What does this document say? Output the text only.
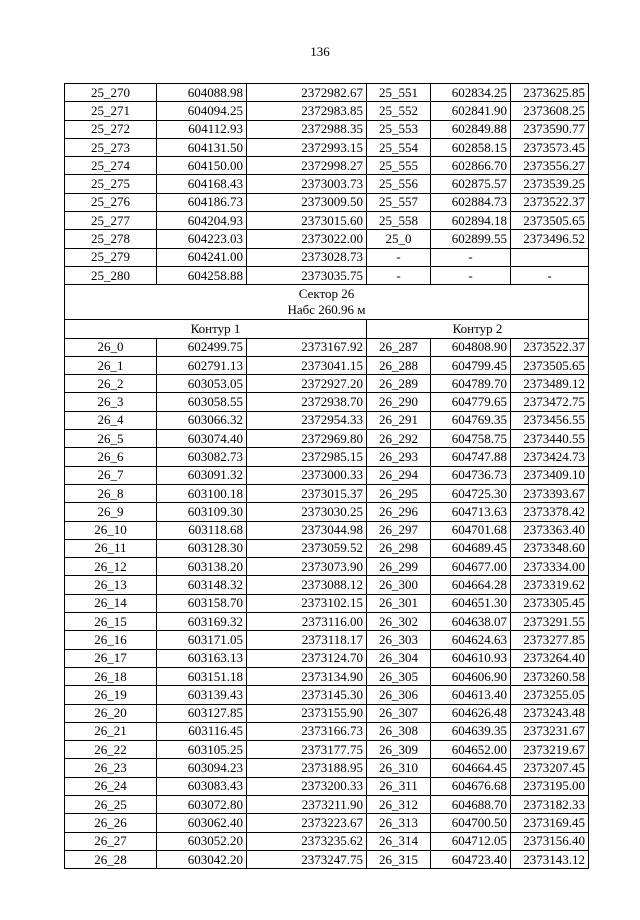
136
25_270	604088.98	2372982.67	25_551	602834.25	2373625.85
25_271	604094.25	2372983.85	25_552	602841.90	2373608.25
25_272	604112.93	2372988.35	25_553	602849.88	2373590.77
25_273	604131.50	2372993.15	25_554	602858.15	2373573.45
25_274	604150.00	2372998.27	25_555	602866.70	2373556.27
25_275	604168.43	2373003.73	25_556	602875.57	2373539.25
25_276	604186.73	2373009.50	25_557	602884.73	2373522.37
25_277	604204.93	2373015.60	25_558	602894.18	2373505.65
25_278	604223.03	2373022.00	25_0	602899.55	2373496.52
25_279	604241.00	2373028.73	-	-	
25_280	604258.88	2373035.75	-	-	-

Сектор 26
Набс 260.96 м					

Контур 1			Контур 2		
26_0	602499.75	2373167.92	26_287	604808.90	2373522.37
26_1	602791.13	2373041.15	26_288	604799.45	2373505.65
26_2	603053.05	2372927.20	26_289	604789.70	2373489.12
26_3	603058.55	2372938.70	26_290	604779.65	2373472.75
26_4	603066.32	2372954.33	26_291	604769.35	2373456.55
26_5	603074.40	2372969.80	26_292	604758.75	2373440.55
26_6	603082.73	2372985.15	26_293	604747.88	2373424.73
26_7	603091.32	2373000.33	26_294	604736.73	2373409.10
26_8	603100.18	2373015.37	26_295	604725.30	2373393.67
26_9	603109.30	2373030.25	26_296	604713.63	2373378.42
26_10	603118.68	2373044.98	26_297	604701.68	2373363.40
26_11	603128.30	2373059.52	26_298	604689.45	2373348.60
26_12	603138.20	2373073.90	26_299	604677.00	2373334.00
26_13	603148.32	2373088.12	26_300	604664.28	2373319.62
26_14	603158.70	2373102.15	26_301	604651.30	2373305.45
26_15	603169.32	2373116.00	26_302	604638.07	2373291.55
26_16	603171.05	2373118.17	26_303	604624.63	2373277.85
26_17	603163.13	2373124.70	26_304	604610.93	2373264.40
26_18	603151.18	2373134.90	26_305	604606.90	2373260.58
26_19	603139.43	2373145.30	26_306	604613.40	2373255.05
26_20	603127.85	2373155.90	26_307	604626.48	2373243.48
26_21	603116.45	2373166.73	26_308	604639.35	2373231.67
26_22	603105.25	2373177.75	26_309	604652.00	2373219.67
26_23	603094.23	2373188.95	26_310	604664.45	2373207.45
26_24	603083.43	2373200.33	26_311	604676.68	2373195.00
26_25	603072.80	2373211.90	26_312	604688.70	2373182.33
26_26	603062.40	2373223.67	26_313	604700.50	2373169.45
26_27	603052.20	2373235.62	26_314	604712.05	2373156.40
26_28	603042.20	2373247.75	26_315	604723.40	2373143.12
